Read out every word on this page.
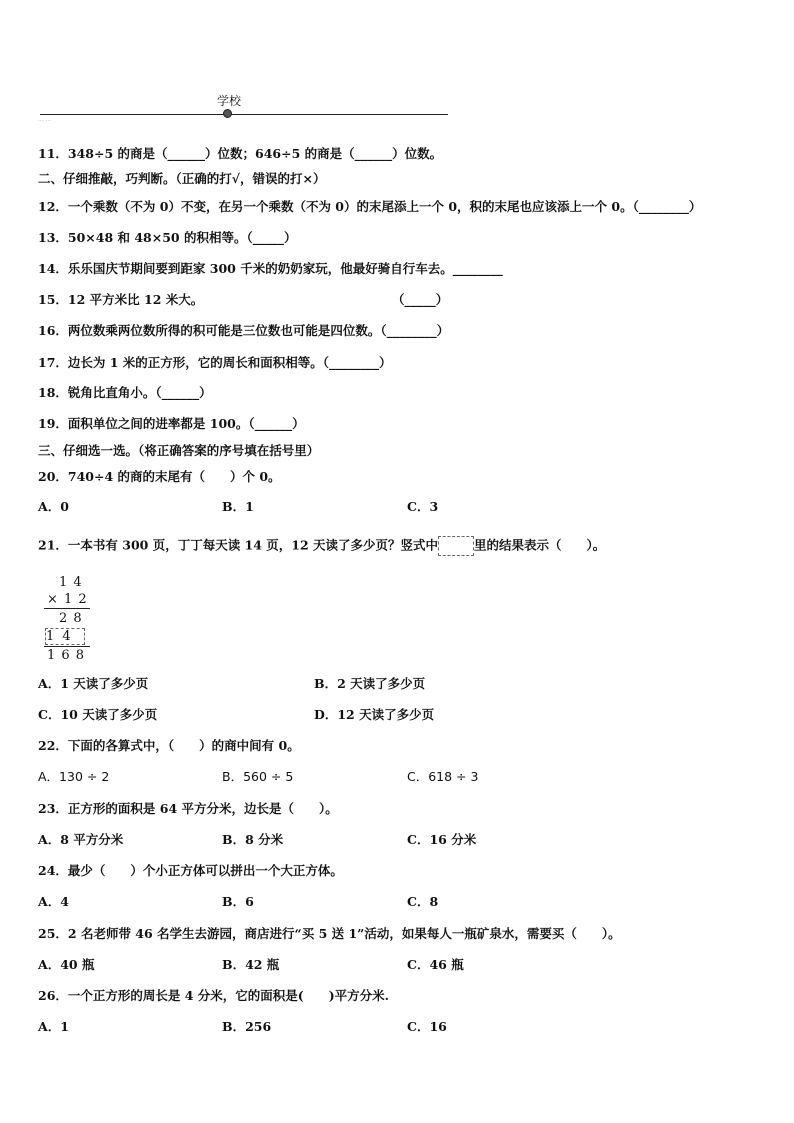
学校
··· ···
11．348÷5 的商是（______）位数；646÷5 的商是（______）位数。
二、仔细推敲，巧判断。（正确的打√，错误的打×）
12．一个乘数（不为 0）不变，在另一个乘数（不为 0）的末尾添上一个 0，积的末尾也应该添上一个 0。（________）
13．50×48 和 48×50 的积相等。（_____）
14．乐乐国庆节期间要到距家 300 千米的奶奶家玩，他最好骑自行车去。________
15．12 平方米比 12 米大。	（_____）
16．两位数乘两位数所得的积可能是三位数也可能是四位数。（________）
17．边长为 1 米的正方形，它的周长和面积相等。（________）
18．锐角比直角小。（______）
19．面积单位之间的进率都是 100。（______）
三、仔细选一选。（将正确答案的序号填在括号里）
20．740÷4 的商的末尾有（　　）个 0。
A．0	B．1	C．3
21．一本书有 300 页，丁丁每天读 14 页，12 天读了多少页？竖式中	里的结果表示（　　）。
1 4
× 1 2
2 8
1 4
1 6 8
A．1 天读了多少页	B．2 天读了多少页
C．10 天读了多少页	D．12 天读了多少页
22．下面的各算式中，（　　）的商中间有 0。
A．130 ÷ 2	B．560 ÷ 5	C．618 ÷ 3
23．正方形的面积是 64 平方分米，边长是（　　）。
A．8 平方分米	B．8 分米	C．16 分米
24．最少（　　）个小正方体可以拼出一个大正方体。
A．4	B．6	C．8
25．2 名老师带 46 名学生去游园，商店进行“买 5 送 1”活动，如果每人一瓶矿泉水，需要买（　　）。
A．40 瓶	B．42 瓶	C．46 瓶
26．一个正方形的周长是 4 分米，它的面积是(　　)平方分米.
A．1	B．256	C．16
